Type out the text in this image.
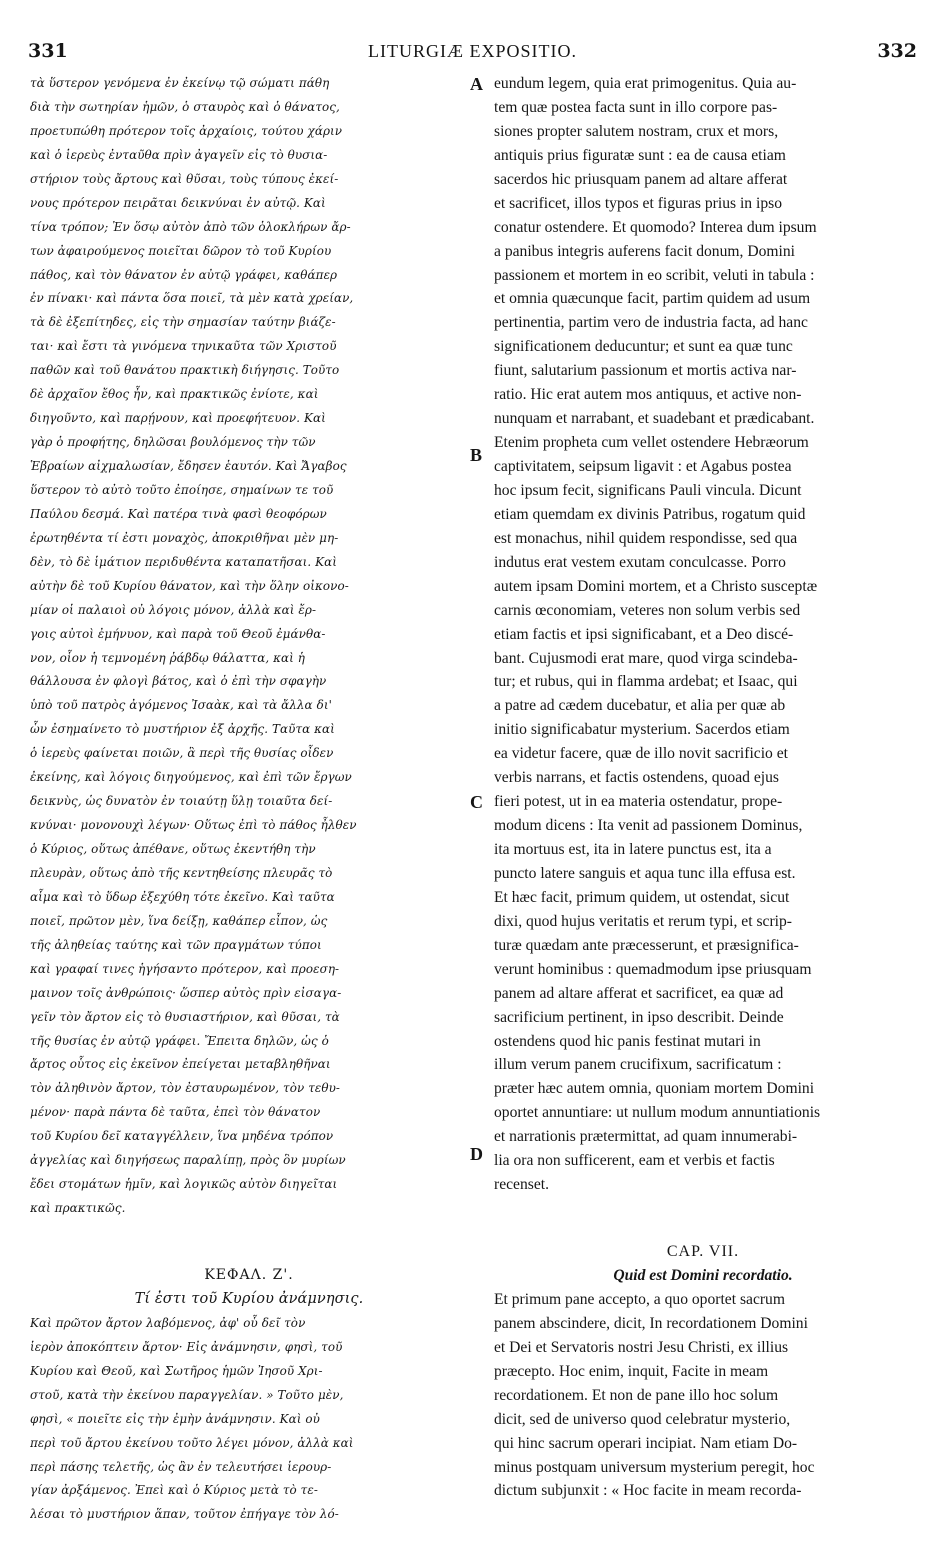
331	LITURGIÆ EXPOSITIO.	332
A
B
C
D
τὰ ὕστερον γενόμενα ἐν ἐκείνῳ τῷ σώματι πάθη
διὰ τὴν σωτηρίαν ἡμῶν, ὁ σταυρὸς καὶ ὁ θάνατος,
προετυπώθη πρότερον τοῖς ἀρχαίοις, τούτου χάριν
καὶ ὁ ἱερεὺς ἐνταῦθα πρὶν ἀγαγεῖν εἰς τὸ θυσια-
στήριον τοὺς ἄρτους καὶ θῦσαι, τοὺς τύπους ἐκεί-
νους πρότερον πειρᾶται δεικνύναι ἐν αὐτῷ. Καὶ
τίνα τρόπον; Ἐν ὅσῳ αὐτὸν ἀπὸ τῶν ὁλοκλήρων ἄρ-
των ἀφαιρούμενος ποιεῖται δῶρον τὸ τοῦ Κυρίου
πάθος, καὶ τὸν θάνατον ἐν αὐτῷ γράφει, καθάπερ
ἐν πίνακι· καὶ πάντα ὅσα ποιεῖ, τὰ μὲν κατὰ χρείαν,
τὰ δὲ ἐξεπίτηδες, εἰς τὴν σημασίαν ταύτην βιάζε-
ται· καὶ ἔστι τὰ γινόμενα τηνικαῦτα τῶν Χριστοῦ
παθῶν καὶ τοῦ θανάτου πρακτικὴ διήγησις. Τοῦτο
δὲ ἀρχαῖον ἔθος ἦν, καὶ πρακτικῶς ἐνίοτε, καὶ
διηγοῦντο, καὶ παρῄνουν, καὶ προεφήτευον. Καὶ
γὰρ ὁ προφήτης, δηλῶσαι βουλόμενος τὴν τῶν
Ἑβραίων αἰχμαλωσίαν, ἔδησεν ἑαυτόν. Καὶ Ἄγαβος
ὕστερον τὸ αὐτὸ τοῦτο ἐποίησε, σημαίνων τε τοῦ
Παύλου δεσμά. Καὶ πατέρα τινὰ φασὶ θεοφόρων
ἐρωτηθέντα τί ἐστι μοναχὸς, ἀποκριθῆναι μὲν μη-
δὲν, τὸ δὲ ἱμάτιον περιδυθέντα καταπατῆσαι. Καὶ
αὐτὴν δὲ τοῦ Κυρίου θάνατον, καὶ τὴν ὅλην οἰκονο-
μίαν οἱ παλαιοὶ οὐ λόγοις μόνον, ἀλλὰ καὶ ἔρ-
γοις αὐτοὶ ἐμήνυον, καὶ παρὰ τοῦ Θεοῦ ἐμάνθα-
νον, οἷον ἡ τεμνομένη ῥάβδῳ θάλαττα, καὶ ἡ
θάλλουσα ἐν φλογὶ βάτος, καὶ ὁ ἐπὶ τὴν σφαγὴν
ὑπὸ τοῦ πατρὸς ἀγόμενος Ἰσαὰκ, καὶ τὰ ἄλλα δι'
ὧν ἐσημαίνετο τὸ μυστήριον ἐξ ἀρχῆς. Ταῦτα καὶ
ὁ ἱερεὺς φαίνεται ποιῶν, ἃ περὶ τῆς θυσίας οἶδεν
ἐκείνης, καὶ λόγοις διηγούμενος, καὶ ἐπὶ τῶν ἔργων
δεικνὺς, ὡς δυνατὸν ἐν τοιαύτῃ ὕλῃ τοιαῦτα δεί-
κνύναι· μονονουχὶ λέγων· Οὕτως ἐπὶ τὸ πάθος ἦλθεν
ὁ Κύριος, οὕτως ἀπέθανε, οὕτως ἐκεντήθη τὴν
πλευρὰν, οὕτως ἀπὸ τῆς κεντηθείσης πλευρᾶς τὸ
αἷμα καὶ τὸ ὕδωρ ἐξεχύθη τότε ἐκεῖνο. Καὶ ταῦτα
ποιεῖ, πρῶτον μὲν, ἵνα δείξῃ, καθάπερ εἶπον, ὡς
τῆς ἀληθείας ταύτης καὶ τῶν πραγμάτων τύποι
καὶ γραφαί τινες ἡγήσαντο πρότερον, καὶ προεση-
μαινον τοῖς ἀνθρώποις· ὥσπερ αὐτὸς πρὶν εἰσαγα-
γεῖν τὸν ἄρτον εἰς τὸ θυσιαστήριον, καὶ θῦσαι, τὰ
τῆς θυσίας ἐν αὐτῷ γράφει. Ἔπειτα δηλῶν, ὡς ὁ
ἄρτος οὗτος εἰς ἐκεῖνον ἐπείγεται μεταβληθῆναι
τὸν ἀληθινὸν ἄρτον, τὸν ἐσταυρωμένον, τὸν τεθυ-
μένον· παρὰ πάντα δὲ ταῦτα, ἐπεὶ τὸν θάνατον
τοῦ Κυρίου δεῖ καταγγέλλειν, ἵνα μηδένα τρόπον
ἀγγελίας καὶ διηγήσεως παραλίπῃ, πρὸς ὃν μυρίων
ἔδει στομάτων ἡμῖν, καὶ λογικῶς αὐτὸν διηγεῖται
καὶ πρακτικῶς.
ΚΕΦΑΛ. Ζ'.
Τί ἐστι τοῦ Κυρίου ἀνάμνησις.
Καὶ πρῶτον ἄρτον λαβόμενος, ἀφ' οὗ δεῖ τὸν
ἱερὸν ἀποκόπτειν ἄρτον· Εἰς ἀνάμνησιν, φησὶ, τοῦ
Κυρίου καὶ Θεοῦ, καὶ Σωτῆρος ἡμῶν Ἰησοῦ Χρι-
στοῦ, κατὰ τὴν ἐκείνου παραγγελίαν. » Τοῦτο μὲν,
φησὶ, « ποιεῖτε εἰς τὴν ἐμὴν ἀνάμνησιν. Καὶ οὐ
περὶ τοῦ ἄρτου ἐκείνου τοῦτο λέγει μόνον, ἀλλὰ καὶ
περὶ πάσης τελετῆς, ὡς ἂν ἐν τελευτήσει ἱερουρ-
γίαν ἀρξάμενος. Ἐπεὶ καὶ ὁ Κύριος μετὰ τὸ τε-
λέσαι τὸ μυστήριον ἅπαν, τοῦτον ἐπήγαγε τὸν λό-
eundum legem, quia erat primogenitus. Quia au-
tem quæ postea facta sunt in illo corpore pas-
siones propter salutem nostram, crux et mors,
antiquis prius figuratæ sunt : ea de causa etiam
sacerdos hic priusquam panem ad altare afferat
et sacrificet, illos typos et figuras prius in ipso
conatur ostendere. Et quomodo? Interea dum ipsum
a panibus integris auferens facit donum, Domini
passionem et mortem in eo scribit, veluti in tabula :
et omnia quæcunque facit, partim quidem ad usum
pertinentia, partim vero de industria facta, ad hanc
significationem deducuntur; et sunt ea quæ tunc
fiunt, salutarium passionum et mortis activa nar-
ratio. Hic erat autem mos antiquus, et active non-
nunquam et narrabant, et suadebant et prædicabant.
Etenim propheta cum vellet ostendere Hebræorum
captivitatem, seipsum ligavit : et Agabus postea
hoc ipsum fecit, significans Pauli vincula. Dicunt
etiam quemdam ex divinis Patribus, rogatum quid
est monachus, nihil quidem respondisse, sed qua
indutus erat vestem exutam conculcasse. Porro
autem ipsam Domini mortem, et a Christo susceptæ
carnis œconomiam, veteres non solum verbis sed
etiam factis et ipsi significabant, et a Deo discé-
bant. Cujusmodi erat mare, quod virga scindeba-
tur; et rubus, qui in flamma ardebat; et Isaac, qui
a patre ad cædem ducebatur, et alia per quæ ab
initio significabatur mysterium. Sacerdos etiam
ea videtur facere, quæ de illo novit sacrificio et
verbis narrans, et factis ostendens, quoad ejus
fieri potest, ut in ea materia ostendatur, prope-
modum dicens : Ita venit ad passionem Dominus,
ita mortuus est, ita in latere punctus est, ita a
puncto latere sanguis et aqua tunc illa effusa est.
Et hæc facit, primum quidem, ut ostendat, sicut
dixi, quod hujus veritatis et rerum typi, et scrip-
turæ quædam ante præcesserunt, et præsignifica-
verunt hominibus : quemadmodum ipse priusquam
panem ad altare afferat et sacrificet, ea quæ ad
sacrificium pertinent, in ipso describit. Deinde
ostendens quod hic panis festinat mutari in
illum verum panem crucifixum, sacrificatum :
præter hæc autem omnia, quoniam mortem Domini
oportet annuntiare: ut nullum modum annuntiationis
et narrationis prætermittat, ad quam innumerabi-
lia ora non sufficerent, eam et verbis et factis
recenset.
CAP. VII.
Quid est Domini recordatio.
Et primum pane accepto, a quo oportet sacrum
panem abscindere, dicit, In recordationem Domini
et Dei et Servatoris nostri Jesu Christi, ex illius
præcepto. Hoc enim, inquit, Facite in meam
recordationem. Et non de pane illo hoc solum
dicit, sed de universo quod celebratur mysterio,
qui hinc sacrum operari incipiat. Nam etiam Do-
minus postquam universum mysterium peregit, hoc
dictum subjunxit : « Hoc facite in meam recorda-
